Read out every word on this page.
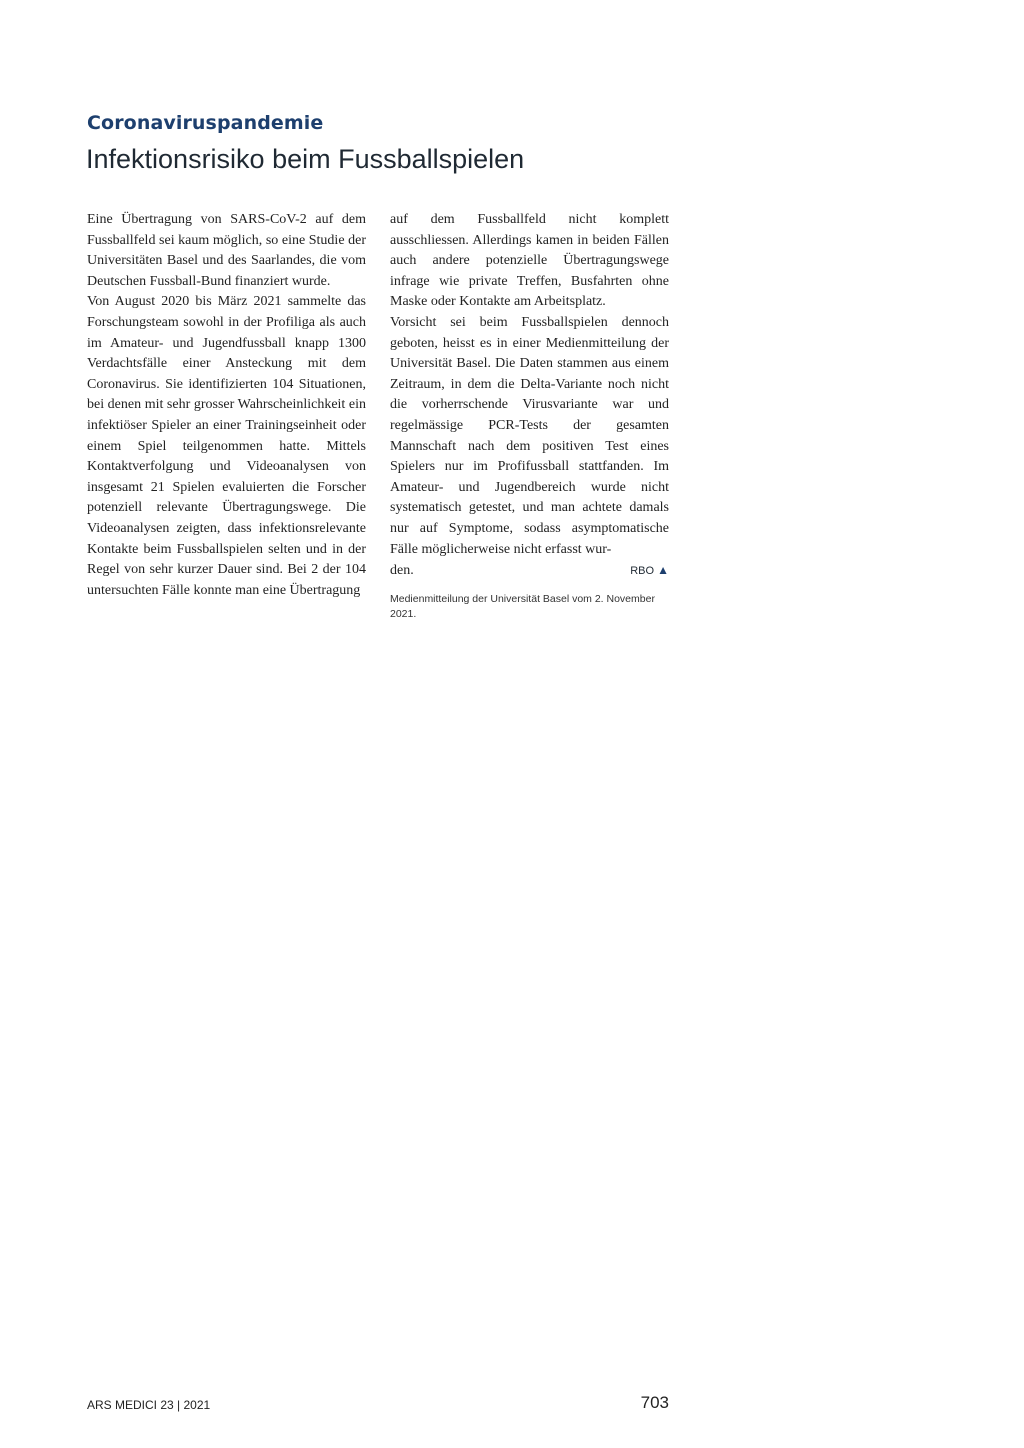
Coronaviruspandemie
Infektionsrisiko beim Fussballspielen

Eine Übertragung von SARS-CoV-2 auf dem Fussballfeld sei kaum möglich, so eine Studie der Universitäten Basel und des Saarlandes, die vom Deutschen Fussball-Bund finanziert wurde.

Von August 2020 bis März 2021 sammelte das Forschungsteam sowohl in der Profiliga als auch im Amateur- und Jugendfussball knapp 1300 Verdachtsfälle einer Ansteckung mit dem Coronavirus. Sie identifizierten 104 Situationen, bei denen mit sehr grosser Wahrscheinlichkeit ein infektiöser Spieler an einer Trainingseinheit oder einem Spiel teilgenommen hatte. Mittels Kontaktverfolgung und Videoanalysen von insgesamt 21 Spielen evaluierten die Forscher potenziell relevante Übertragungswege. Die Videoanalysen zeigten, dass infektionsrelevante Kontakte beim Fussballspielen selten und in der Regel von sehr kurzer Dauer sind. Bei 2 der 104 untersuchten Fälle konnte man eine Übertragung

auf dem Fussballfeld nicht komplett ausschliessen. Allerdings kamen in beiden Fällen auch andere potenzielle Übertragungswege infrage wie private Treffen, Busfahrten ohne Maske oder Kontakte am Arbeitsplatz.

Vorsicht sei beim Fussballspielen dennoch geboten, heisst es in einer Medienmitteilung der Universität Basel. Die Daten stammen aus einem Zeitraum, in dem die Delta-Variante noch nicht die vorherrschende Virusvariante war und regelmässige PCR-Tests der gesamten Mannschaft nach dem positiven Test eines Spielers nur im Profifussball stattfanden. Im Amateur- und Jugendbereich wurde nicht systematisch getestet, und man achtete damals nur auf Symptome, sodass asymptomatische Fälle möglicherweise nicht erfasst wur-

den.	RBO ▲
Medienmitteilung der Universität Basel vom 2. November 2021.
ARS MEDICI 23 | 2021	703
